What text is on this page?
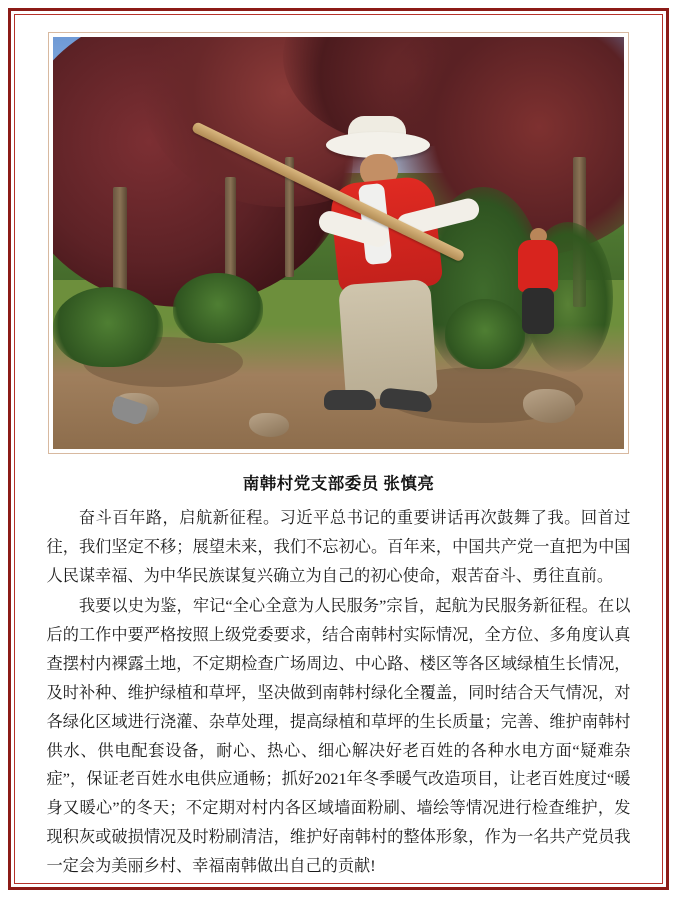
南韩村党支部委员 张慎亮

奋斗百年路，启航新征程。习近平总书记的重要讲话再次鼓舞了我。回首过往，我们坚定不移；展望未来，我们不忘初心。百年来，中国共产党一直把为中国人民谋幸福、为中华民族谋复兴确立为自己的初心使命，艰苦奋斗、勇往直前。

我要以史为鉴，牢记“全心全意为人民服务”宗旨，起航为民服务新征程。在以后的工作中要严格按照上级党委要求，结合南韩村实际情况，全方位、多角度认真查摆村内裸露土地，不定期检查广场周边、中心路、楼区等各区域绿植生长情况，及时补种、维护绿植和草坪，坚决做到南韩村绿化全覆盖，同时结合天气情况，对各绿化区域进行浇灌、杂草处理，提高绿植和草坪的生长质量；完善、维护南韩村供水、供电配套设备，耐心、热心、细心解决好老百姓的各种水电方面“疑难杂症”，保证老百姓水电供应通畅；抓好2021年冬季暖气改造项目，让老百姓度过“暖身又暖心”的冬天；不定期对村内各区域墙面粉刷、墙绘等情况进行检查维护，发现积灰或破损情况及时粉刷清洁，维护好南韩村的整体形象，作为一名共产党员我一定会为美丽乡村、幸福南韩做出自己的贡献!
